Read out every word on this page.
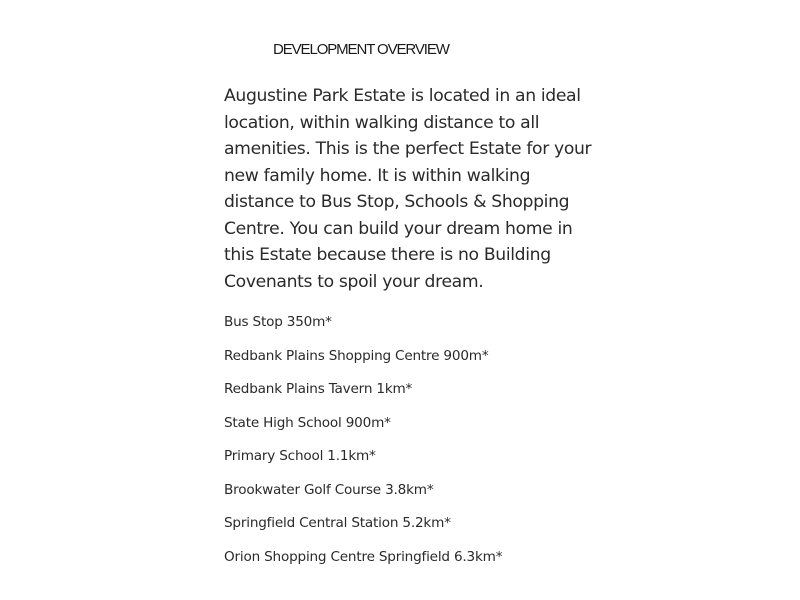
DEVELOPMENT OVERVIEW

Augustine Park Estate is located in an ideal
location, within walking distance to all
amenities. This is the perfect Estate for your
new family home. It is within walking
distance to Bus Stop, Schools & Shopping
Centre. You can build your dream home in
this Estate because there is no Building
Covenants to spoil your dream.

Bus Stop 350m*
Redbank Plains Shopping Centre 900m*
Redbank Plains Tavern 1km*
State High School 900m*
Primary School 1.1km*
Brookwater Golf Course 3.8km*
Springfield Central Station 5.2km*
Orion Shopping Centre Springfield 6.3km*
